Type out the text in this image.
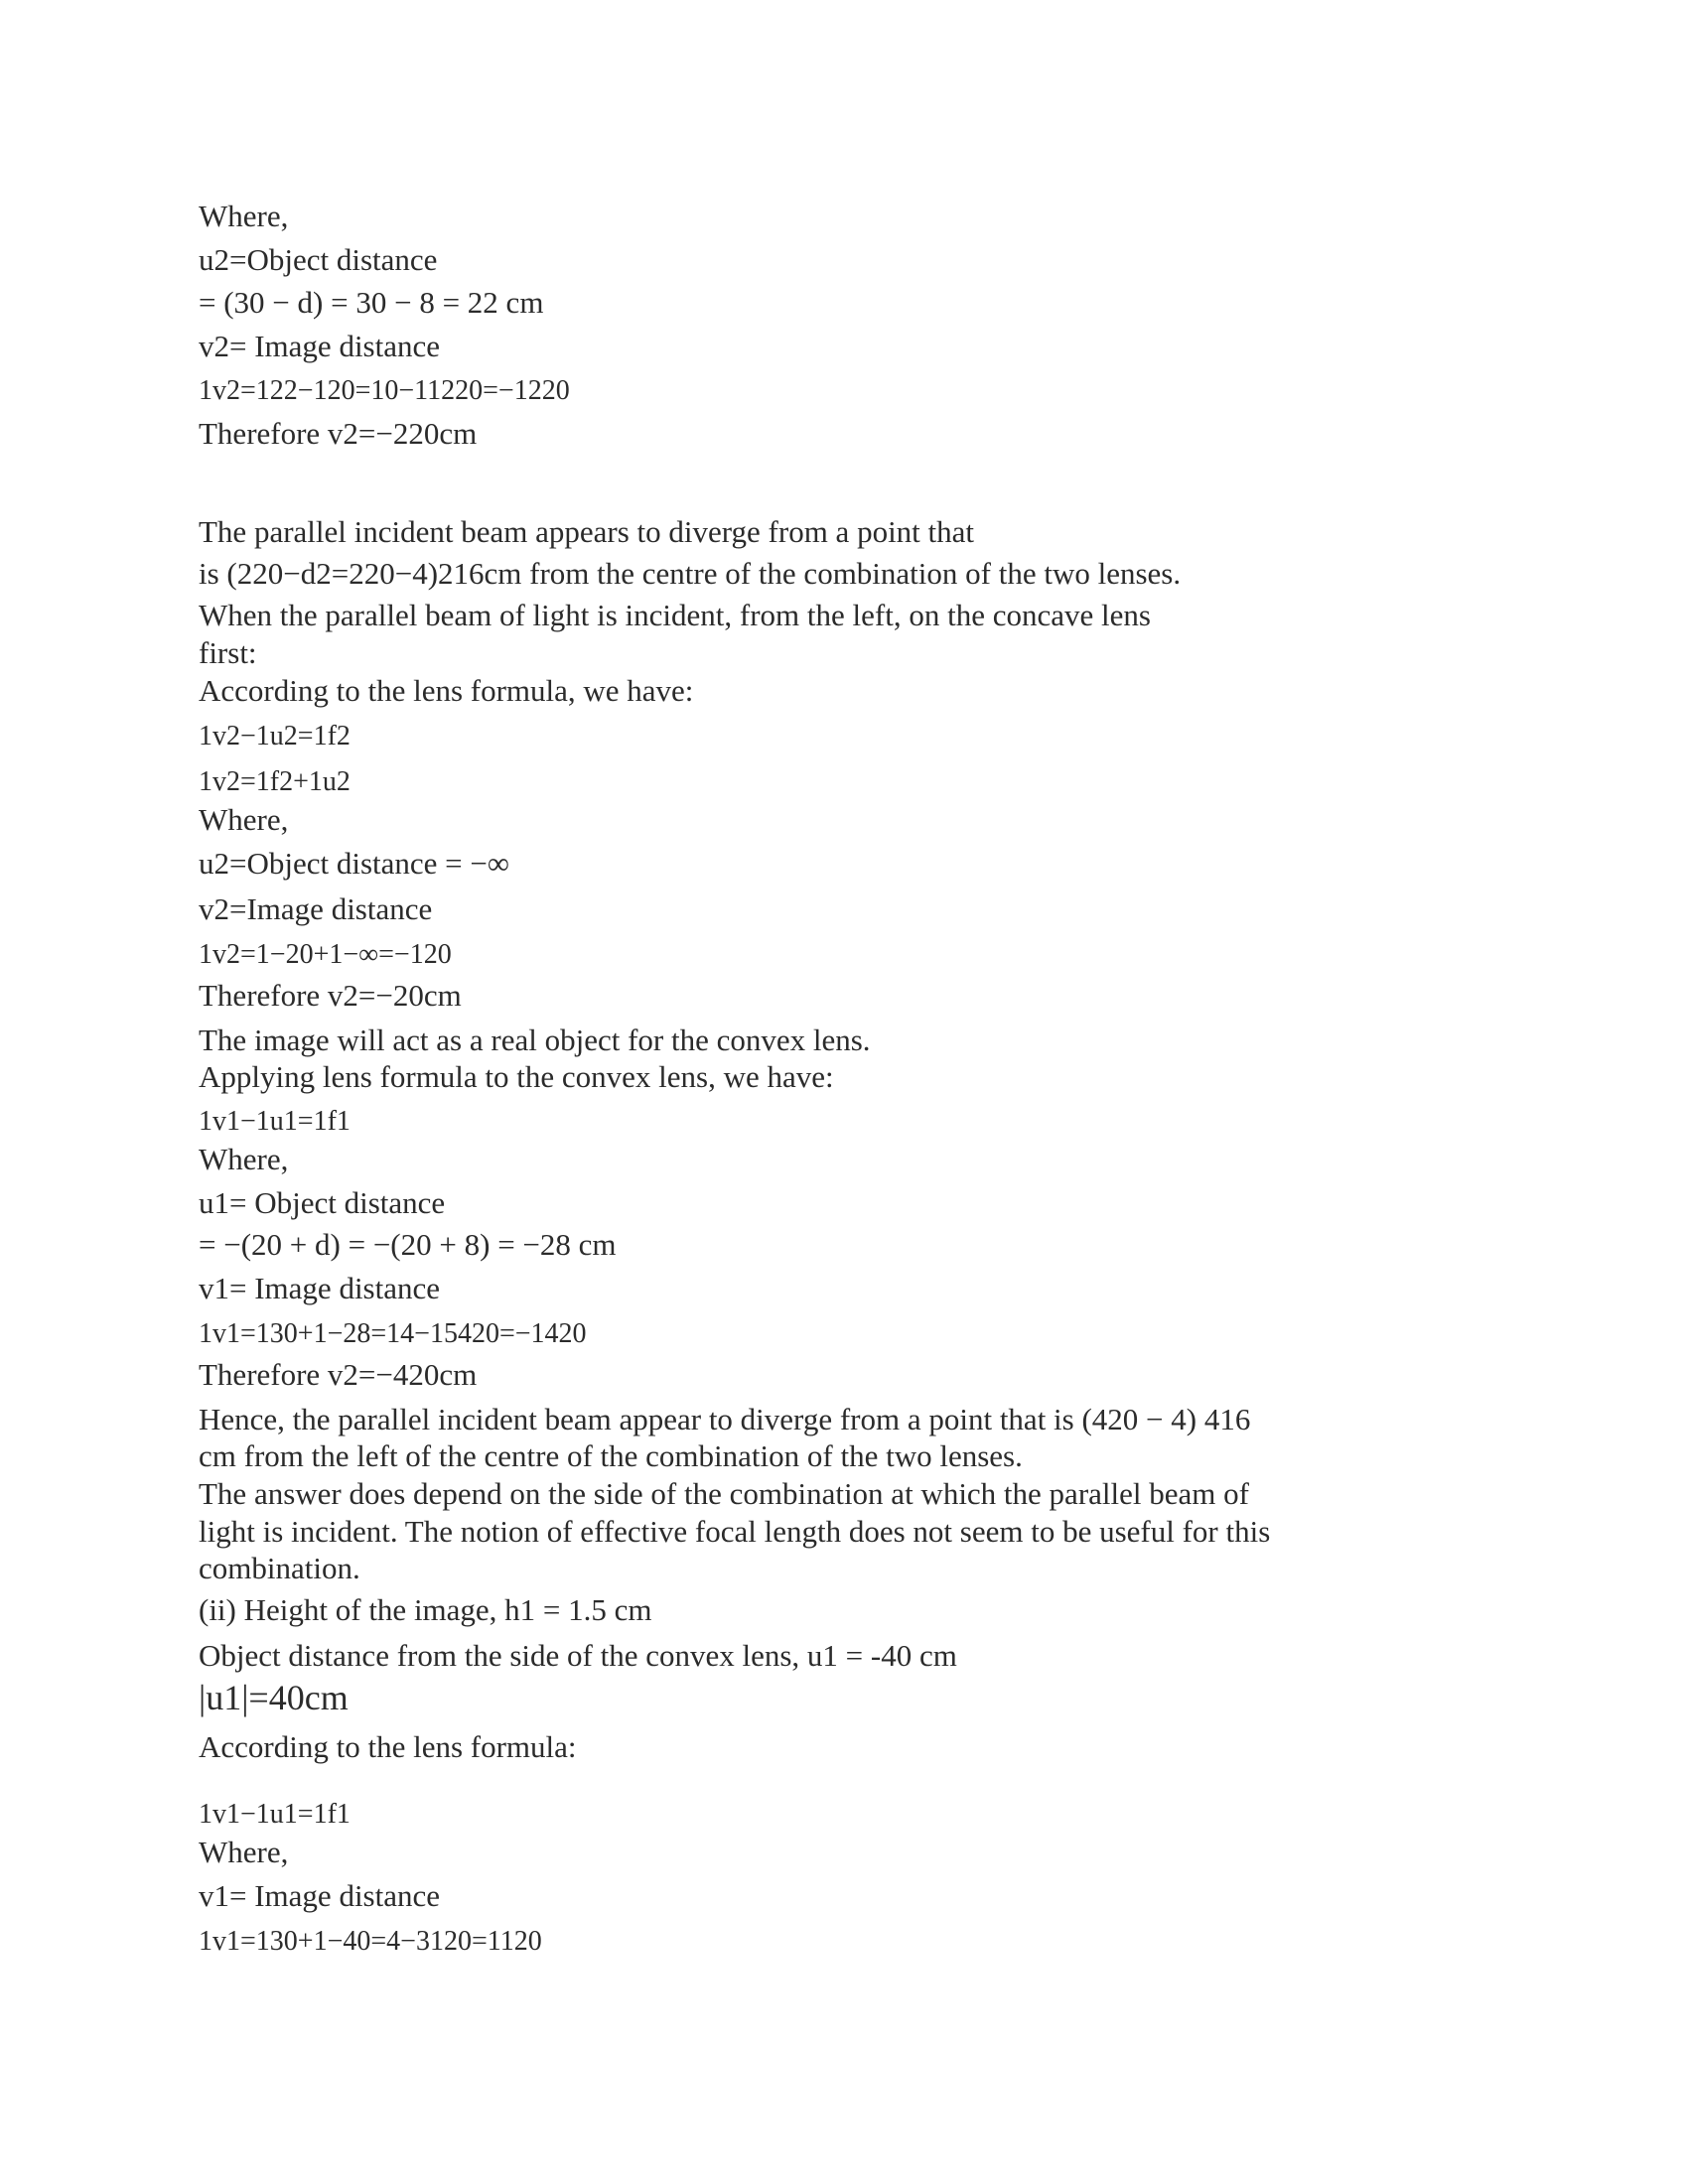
Where,
u2=Object distance
= (30 − d) = 30 − 8 = 22 cm
v2= Image distance
1v2=122−120=10−11220=−1220
Therefore v2=−220cm
The parallel incident beam appears to diverge from a point that
is (220−d2=220−4)216cm from the centre of the combination of the two lenses.
When the parallel beam of light is incident, from the left, on the concave lens
first:
According to the lens formula, we have:
1v2−1u2=1f2
1v2=1f2+1u2
Where,
u2=Object distance = −∞
v2=Image distance
1v2=1−20+1−∞=−120
Therefore v2=−20cm
The image will act as a real object for the convex lens.
Applying lens formula to the convex lens, we have:
1v1−1u1=1f1
Where,
u1= Object distance
= −(20 + d) = −(20 + 8) = −28 cm
v1= Image distance
1v1=130+1−28=14−15420=−1420
Therefore v2=−420cm
Hence, the parallel incident beam appear to diverge from a point that is (420 − 4) 416
cm from the left of the centre of the combination of the two lenses.
The answer does depend on the side of the combination at which the parallel beam of
light is incident. The notion of effective focal length does not seem to be useful for this
combination.
(ii) Height of the image, h1 = 1.5 cm
Object distance from the side of the convex lens, u1 = -40 cm
|u1|=40cm
According to the lens formula:
1v1−1u1=1f1
Where,
v1= Image distance
1v1=130+1−40=4−3120=1120
